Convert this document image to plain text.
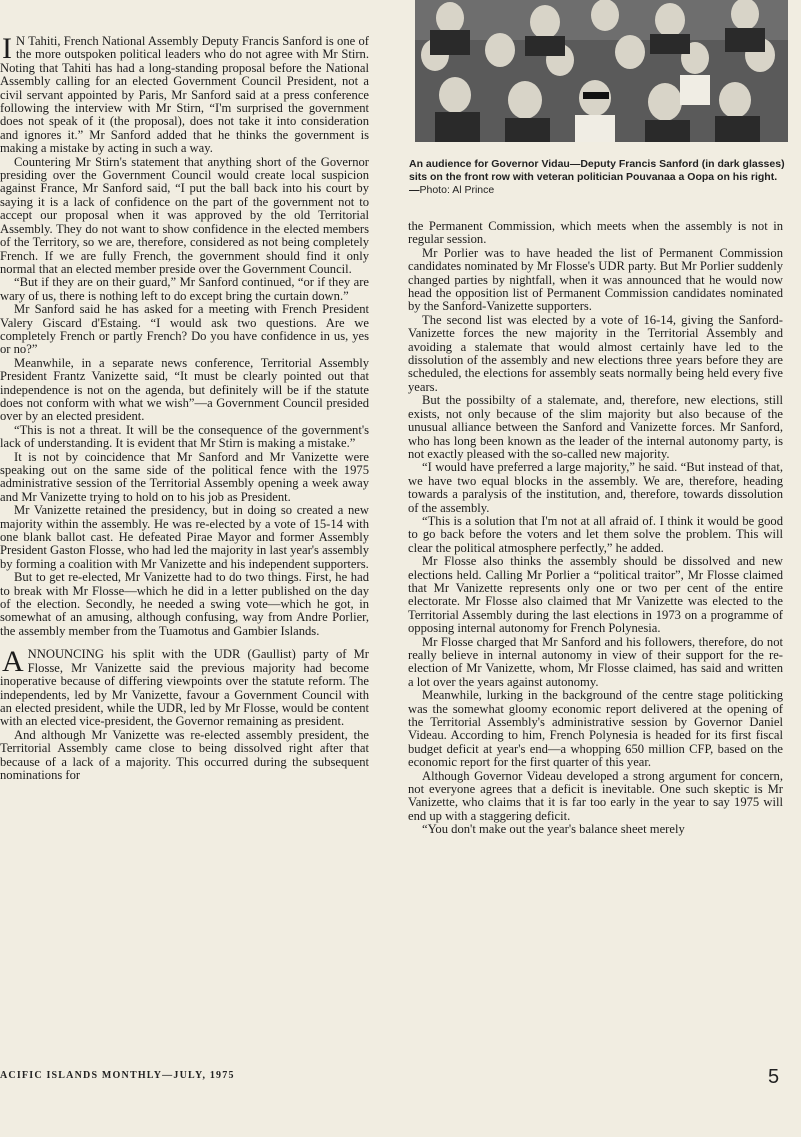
I N Tahiti, French National Assembly Deputy Francis Sanford is one of the more outspoken political leaders who do not agree with Mr Stirn. Noting that Tahiti has had a long-standing proposal before the National Assembly calling for an elected Government Council President, not a civil servant appointed by Paris, Mr Sanford said at a press conference following the interview with Mr Stirn, “I'm surprised the government does not speak of it (the proposal), does not take it into consideration and ignores it.” Mr Sanford added that he thinks the government is making a mistake by acting in such a way.

Countering Mr Stirn's statement that anything short of the Governor presiding over the Government Council would create local suspicion against France, Mr Sanford said, “I put the ball back into his court by saying it is a lack of confidence on the part of the government not to accept our proposal when it was approved by the old Territorial Assembly. They do not want to show confidence in the elected members of the Territory, so we are, therefore, considered as not being completely French. If we are fully French, the government should find it only normal that an elected member preside over the Government Council.

“But if they are on their guard,” Mr Sanford continued, “or if they are wary of us, there is nothing left to do except bring the curtain down.”

Mr Sanford said he has asked for a meeting with French President Valery Giscard d'Estaing. “I would ask two questions. Are we completely French or partly French? Do you have confidence in us, yes or no?”

Meanwhile, in a separate news conference, Territorial Assembly President Frantz Vanizette said, “It must be clearly pointed out that independence is not on the agenda, but definitely will be if the statute does not conform with what we wish”—a Government Council presided over by an elected president.

“This is not a threat. It will be the consequence of the government's lack of understanding. It is evident that Mr Stirn is making a mistake.”

It is not by coincidence that Mr Sanford and Mr Vanizette were speaking out on the same side of the political fence with the 1975 administrative session of the Territorial Assembly opening a week away and Mr Vanizette trying to hold on to his job as President.

Mr Vanizette retained the presidency, but in doing so created a new majority within the assembly. He was re-elected by a vote of 15-14 with one blank ballot cast. He defeated Pirae Mayor and former Assembly President Gaston Flosse, who had led the majority in last year's assembly by forming a coalition with Mr Vanizette and his independent supporters.

But to get re-elected, Mr Vanizette had to do two things. First, he had to break with Mr Flosse—which he did in a letter published on the day of the election. Secondly, he needed a swing vote—which he got, in somewhat of an amusing, although confusing, way from Andre Porlier, the assembly member from the Tuamotus and Gambier Islands.

ANNOUNCING his split with the UDR (Gaullist) party of Mr Flosse, Mr Vanizette said the previous majority had become inoperative because of differing viewpoints over the statute reform. The independents, led by Mr Vanizette, favour a Government Council with an elected president, while the UDR, led by Mr Flosse, would be content with an elected vice-president, the Governor remaining as president.

And although Mr Vanizette was re-elected assembly president, the Territorial Assembly came close to being dissolved right after that because of a lack of a majority. This occurred during the subsequent nominations for

An audience for Governor Vidau—Deputy Francis Sanford (in dark glasses) sits on the front row with veteran politician Pouvanaa a Oopa on his right.—Photo: Al Prince

the Permanent Commission, which meets when the assembly is not in regular session.

Mr Porlier was to have headed the list of Permanent Commission candidates nominated by Mr Flosse's UDR party. But Mr Porlier suddenly changed parties by nightfall, when it was announced that he would now head the opposition list of Permanent Commission candidates nominated by the Sanford-Vanizette supporters.

The second list was elected by a vote of 16-14, giving the Sanford-Vanizette forces the new majority in the Territorial Assembly and avoiding a stalemate that would almost certainly have led to the dissolution of the assembly and new elections three years before they are scheduled, the elections for assembly seats normally being held every five years.

But the possibilty of a stalemate, and, therefore, new elections, still exists, not only because of the slim majority but also because of the unusual alliance between the Sanford and Vanizette forces. Mr Sanford, who has long been known as the leader of the internal autonomy party, is not exactly pleased with the so-called new majority.

“I would have preferred a large majority,” he said. “But instead of that, we have two equal blocks in the assembly. We are, therefore, heading towards a paralysis of the institution, and, therefore, towards dissolution of the assembly.

“This is a solution that I'm not at all afraid of. I think it would be good to go back before the voters and let them solve the problem. This will clear the political atmosphere perfectly,” he added.

Mr Flosse also thinks the assembly should be dissolved and new elections held. Calling Mr Porlier a “political traitor”, Mr Flosse claimed that Mr Vanizette represents only one or two per cent of the entire electorate. Mr Flosse also claimed that Mr Vanizette was elected to the Territorial Assembly during the last elections in 1973 on a programme of opposing internal autonomy for French Polynesia.

Mr Flosse charged that Mr Sanford and his followers, therefore, do not really believe in internal autonomy in view of their support for the re-election of Mr Vanizette, whom, Mr Flosse claimed, has said and written a lot over the years against autonomy.

Meanwhile, lurking in the background of the centre stage politicking was the somewhat gloomy economic report delivered at the opening of the Territorial Assembly's administrative session by Governor Daniel Videau. According to him, French Polynesia is headed for its first fiscal budget deficit at year's end—a whopping 650 million CFP, based on the economic report for the first quarter of this year.

Although Governor Videau developed a strong argument for concern, not everyone agrees that a deficit is inevitable. One such skeptic is Mr Vanizette, who claims that it is far too early in the year to say 1975 will end up with a staggering deficit.

“You don't make out the year's balance sheet merely

ACIFIC ISLANDS MONTHLY—JULY, 1975	5
